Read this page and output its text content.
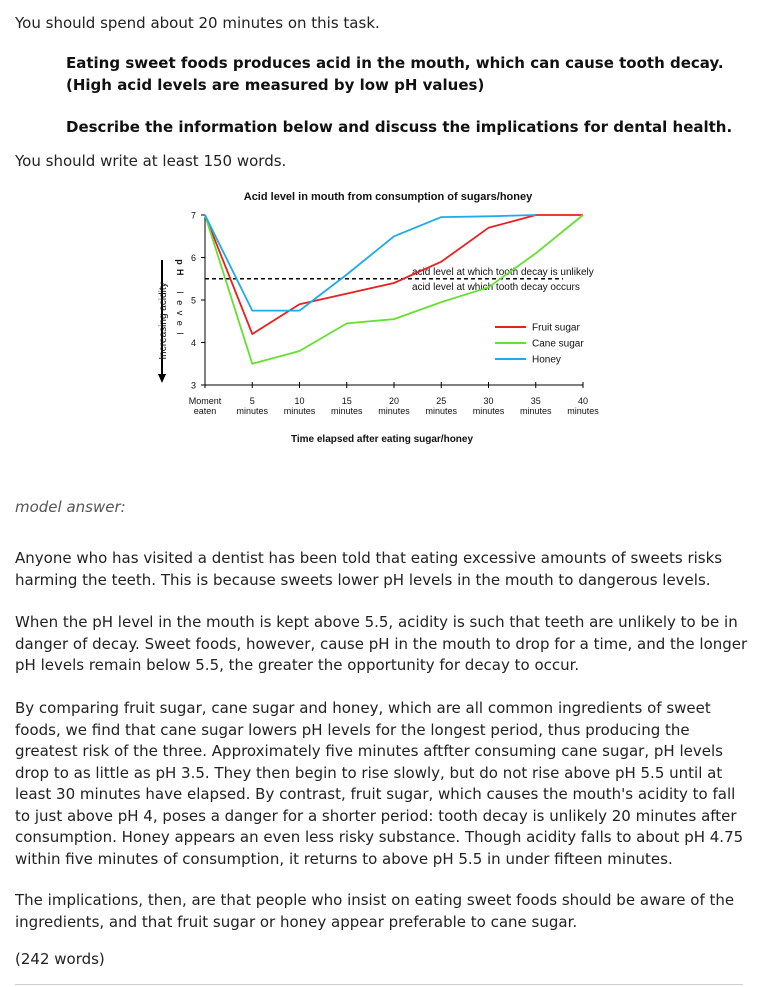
You should spend about 20 minutes on this task.

Eating sweet foods produces acid in the mouth, which can cause tooth decay. (High acid levels are measured by low pH values)

Describe the information below and discuss the implications for dental health.

You should write at least 150 words.

Acid level in mouth from consumption of sugars/honey
3
4
5
6
7
Moment
eaten
5
minutes
10
minutes
15
minutes
20
minutes
25
minutes
30
minutes
35
minutes
40
minutes
acid level at which tooth decay is unlikely
acid level at which tooth decay occurs
Fruit sugar
Cane sugar
Honey
Increasing acidity
p
H
l
e
v
e
l
Time elapsed after eating sugar/honey

model answer:

Anyone who has visited a dentist has been told that eating excessive amounts of sweets risks harming the teeth. This is because sweets lower pH levels in the mouth to dangerous levels.

When the pH level in the mouth is kept above 5.5, acidity is such that teeth are unlikely to be in danger of decay. Sweet foods, however, cause pH in the mouth to drop for a time, and the longer pH levels remain below 5.5, the greater the opportunity for decay to occur.

By comparing fruit sugar, cane sugar and honey, which are all common ingredients of sweet foods, we find that cane sugar lowers pH levels for the longest period, thus producing the greatest risk of the three. Approximately five minutes aftfter consuming cane sugar, pH levels drop to as little as pH 3.5. They then begin to rise slowly, but do not rise above pH 5.5 until at least 30 minutes have elapsed. By contrast, fruit sugar, which causes the mouth's acidity to fall to just above pH 4, poses a danger for a shorter period: tooth decay is unlikely 20 minutes after consumption. Honey appears an even less risky substance. Though acidity falls to about pH 4.75 within five minutes of consumption, it returns to above pH 5.5 in under fifteen minutes.

The implications, then, are that people who insist on eating sweet foods should be aware of the ingredients, and that fruit sugar or honey appear preferable to cane sugar.

(242 words)
